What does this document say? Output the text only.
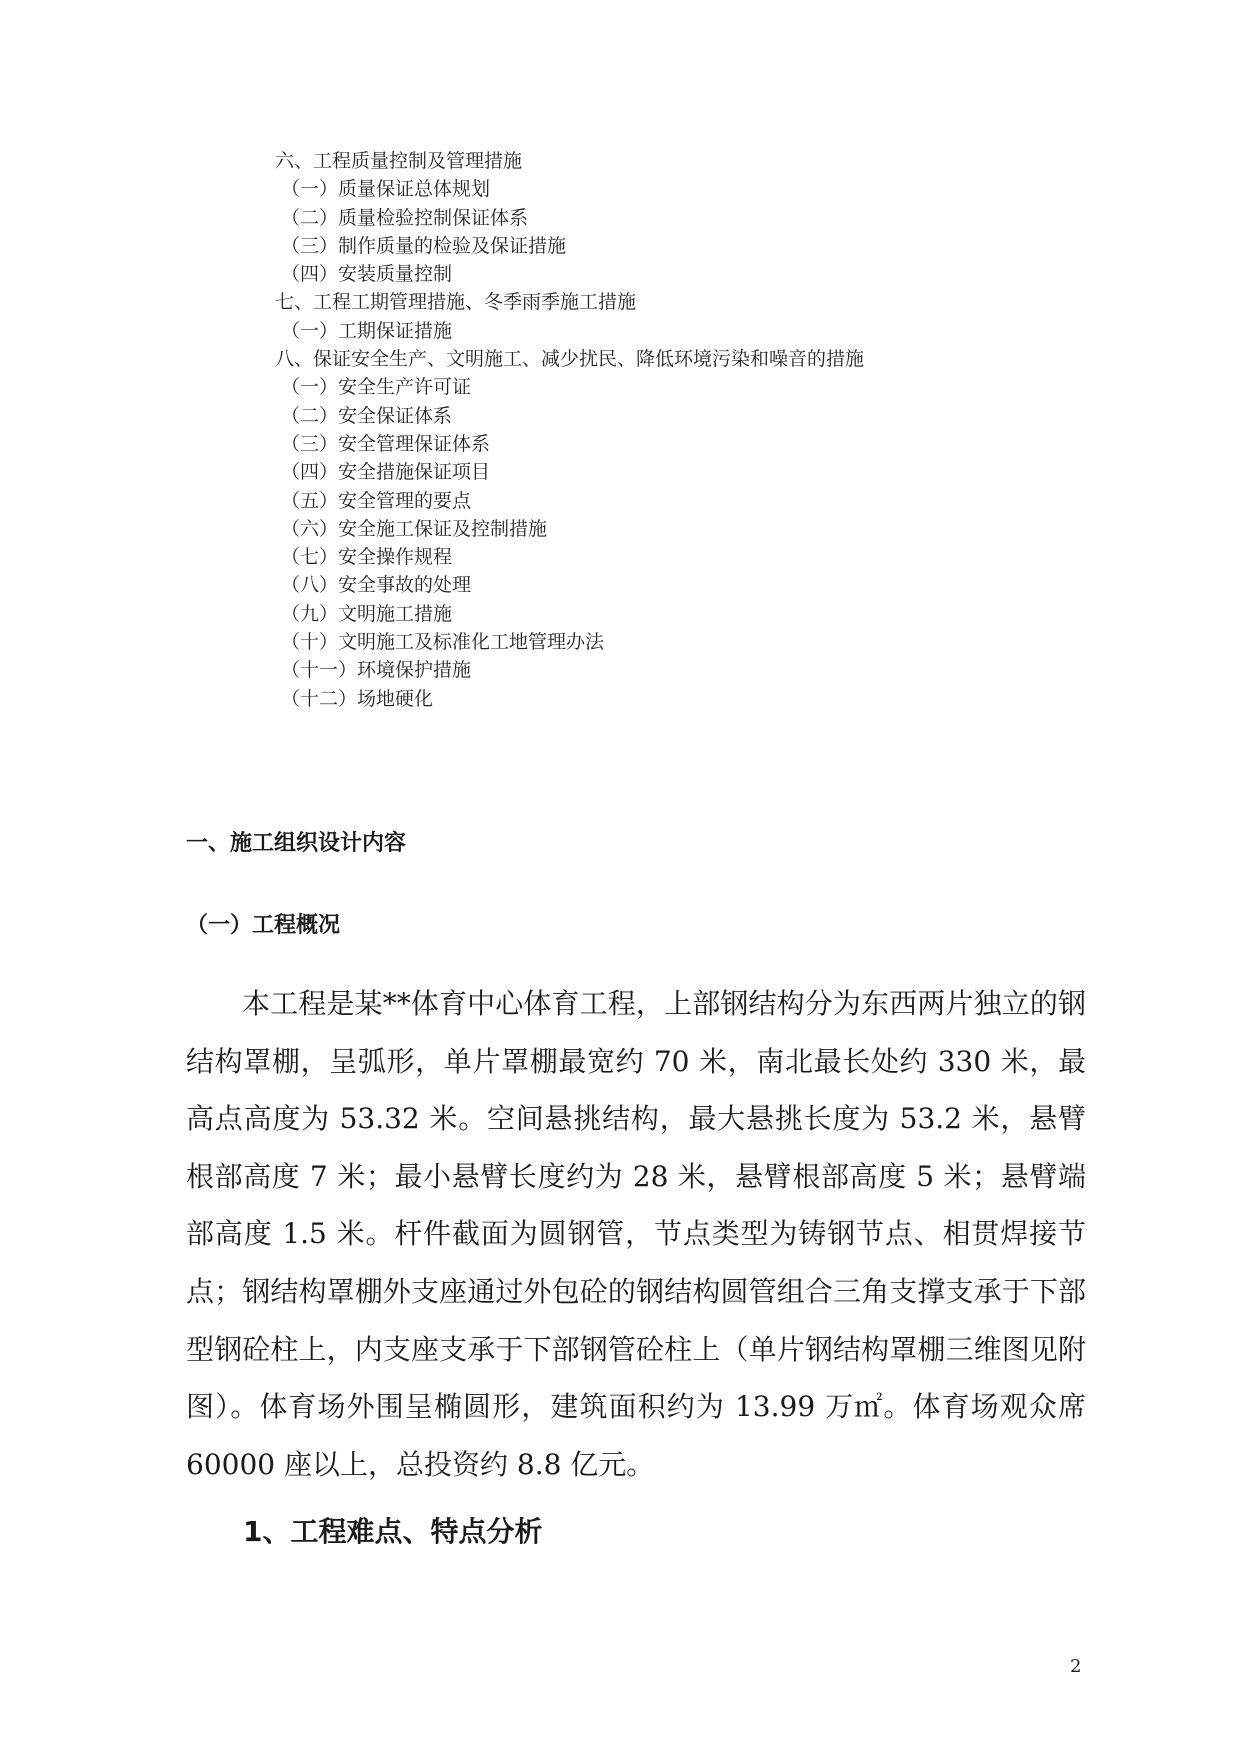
六、工程质量控制及管理措施
（一）质量保证总体规划
（二）质量检验控制保证体系
（三）制作质量的检验及保证措施
（四）安装质量控制
七、工程工期管理措施、冬季雨季施工措施
（一）工期保证措施
八、保证安全生产、文明施工、减少扰民、降低环境污染和噪音的措施
（一）安全生产许可证
（二）安全保证体系
（三）安全管理保证体系
（四）安全措施保证项目
（五）安全管理的要点
（六）安全施工保证及控制措施
（七）安全操作规程
（八）安全事故的处理
（九）文明施工措施
（十）文明施工及标准化工地管理办法
（十一）环境保护措施
（十二）场地硬化
一、施工组织设计内容
（一）工程概况

本工程是某**体育中心体育工程，上部钢结构分为东西两片独立的钢结构罩棚，呈弧形，单片罩棚最宽约 70 米，南北最长处约 330 米，最高点高度为 53.32 米。空间悬挑结构，最大悬挑长度为 53.2 米，悬臂根部高度 7 米；最小悬臂长度约为 28 米，悬臂根部高度 5 米；悬臂端部高度 1.5 米。杆件截面为圆钢管，节点类型为铸钢节点、相贯焊接节点；钢结构罩棚外支座通过外包砼的钢结构圆管组合三角支撑支承于下部型钢砼柱上，内支座支承于下部钢管砼柱上（单片钢结构罩棚三维图见附图）。体育场外围呈椭圆形，建筑面积约为 13.99 万㎡。体育场观众席 60000 座以上，总投资约 8.8 亿元。

1、工程难点、特点分析
2
